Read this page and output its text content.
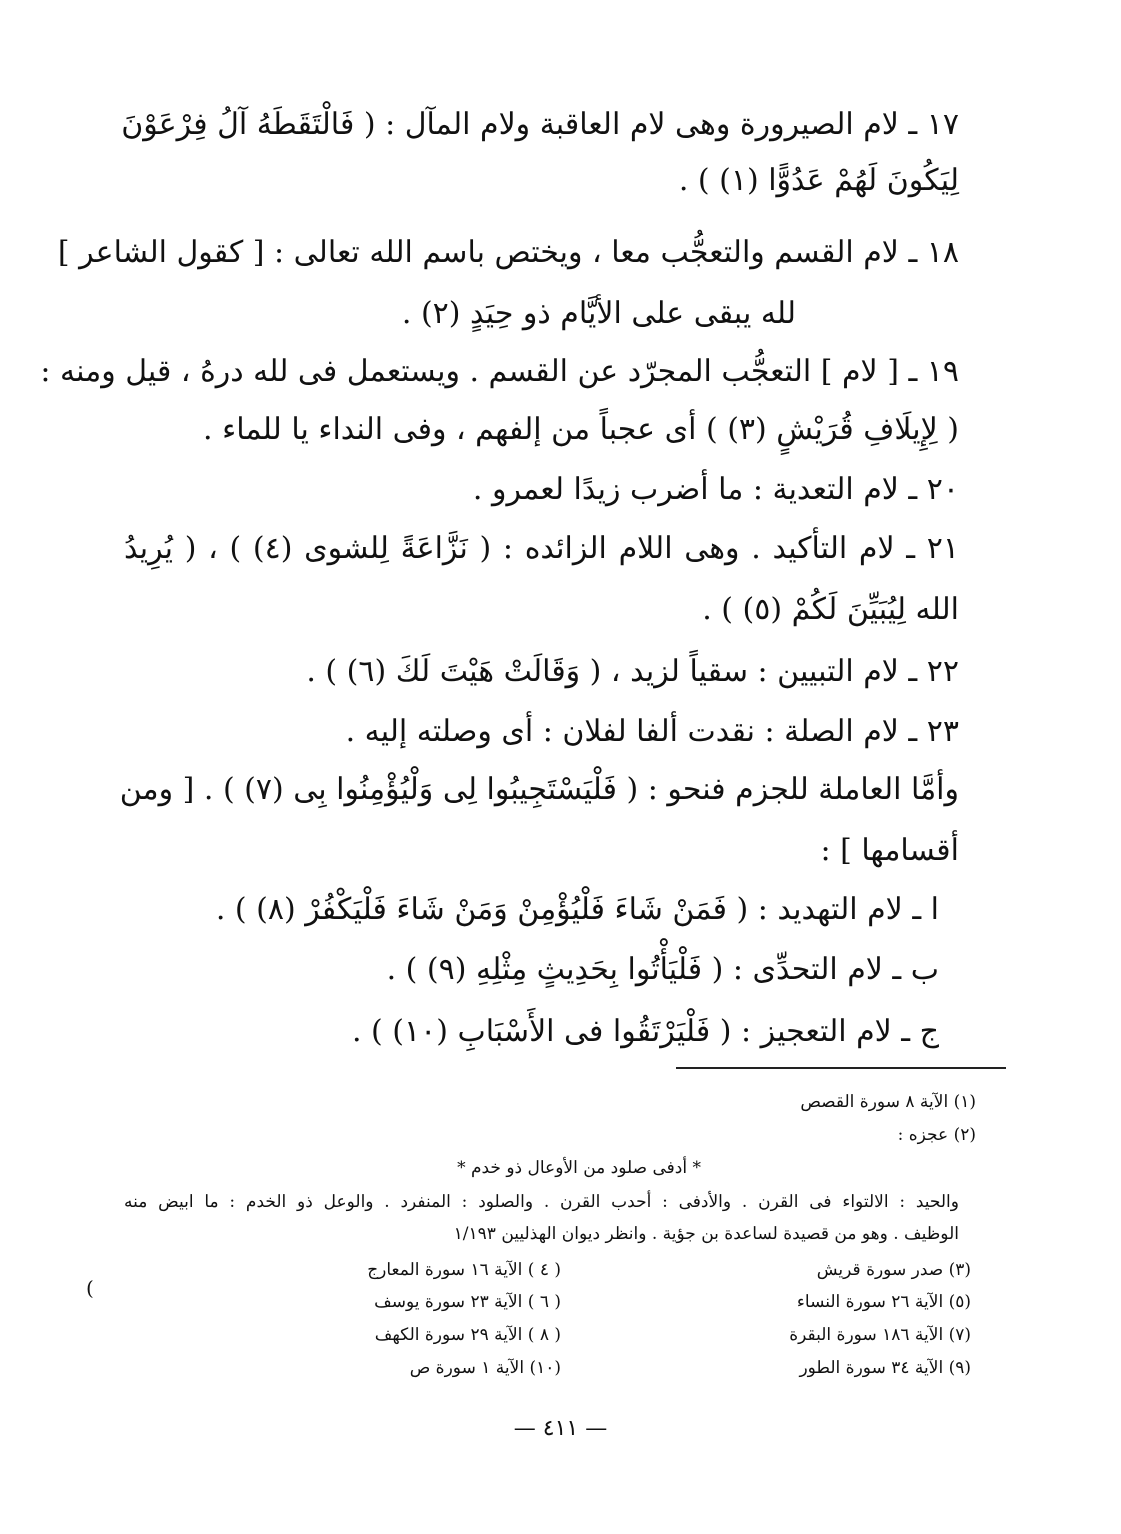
١٧ ـ لام الصيرورة وهى لام العاقبة ولام المآل : ( فَالْتَقَطَهُ آلُ فِرْعَوْنَ
لِيَكُونَ لَهُمْ عَدُوًّا (١) ) .
١٨ ـ لام القسم والتعجُّب معا ، ويختص باسم الله تعالى : [ كقول الشاعر ]
لله يبقى على الأيَّام ذو حِيَدٍ (٢) .
١٩ ـ [ لام ] التعجُّب المجرّد عن القسم . ويستعمل فى لله درهُ ، قيل ومنه :
( لِإِيلَافِ قُرَيْشٍ (٣) ) أى عجباً من إلفهم ، وفى النداء يا للماء .
٢٠ ـ لام التعدية : ما أضرب زيدًا لعمرو .
٢١ ـ لام التأكيد . وهى اللام الزائده : ( نَزَّاعَةً لِلشوى (٤) ) ، ( يُرِيدُ
الله لِيُبَيِّنَ لَكُمْ (٥) ) .
٢٢ ـ لام التبيين : سقياً لزيد ، ( وَقَالَتْ هَيْتَ لَكَ (٦) ) .
٢٣ ـ لام الصلة : نقدت ألفا لفلان : أى وصلته إليه .
وأمَّا العاملة للجزم فنحو : ( فَلْيَسْتَجِيبُوا لِى وَلْيُؤْمِنُوا بِى (٧) ) . [ ومن
أقسامها ] :
ا ـ لام التهديد : ( فَمَنْ شَاءَ فَلْيُؤْمِنْ وَمَنْ شَاءَ فَلْيَكْفُرْ (٨) ) .
ب ـ لام التحدِّى : ( فَلْيَأْتُوا بِحَدِيثٍ مِثْلِهِ (٩) ) .
ج ـ لام التعجيز : ( فَلْيَرْتَقُوا فى الأَسْبَابِ (١٠) ) .
(١) الآية ٨ سورة القصص
(٢) عجزه :
* أدفى صلود من الأوعال ذو خدم *
والحيد : الالتواء فى القرن . والأدفى : أحدب القرن . والصلود : المنفرد . والوعل ذو الخدم : ما ابيض منه
الوظيف . وهو من قصيدة لساعدة بن جؤية . وانظر ديوان الهذليين ١/١٩٣
(٣) صدر سورة قريش
( ٤ ) الآية ١٦ سورة المعارج
(٥) الآية ٢٦ سورة النساء
( ٦ ) الآية ٢٣ سورة يوسف
(٧) الآية ١٨٦ سورة البقرة
( ٨ ) الآية ٢٩ سورة الكهف
(٩) الآية ٣٤ سورة الطور
(١٠) الآية ١ سورة ص
(
— ٤١١ —
